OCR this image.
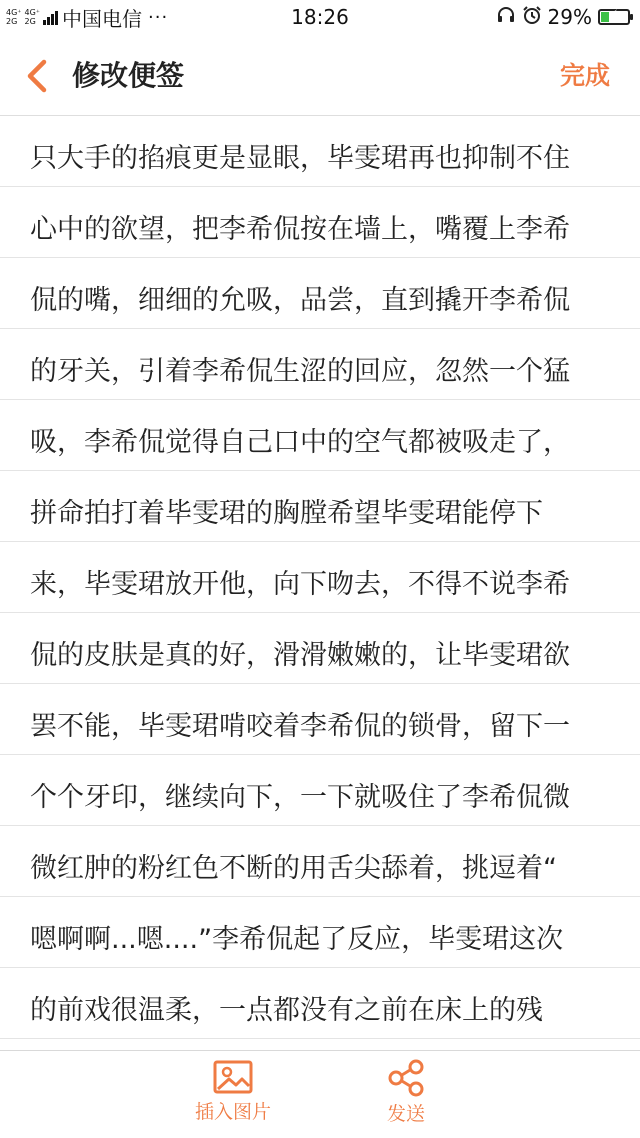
4G⁺
2G
4G⁺
2G 中国电信 ···	18:26	29% ⚡
修改便签	完成
只大手的掐痕更是显眼，毕雯珺再也抑制不住
心中的欲望，把李希侃按在墙上，嘴覆上李希
侃的嘴，细细的允吸，品尝，直到撬开李希侃
的牙关，引着李希侃生涩的回应，忽然一个猛
吸，李希侃觉得自己口中的空气都被吸走了，
拼命拍打着毕雯珺的胸膛希望毕雯珺能停下
来，毕雯珺放开他，向下吻去，不得不说李希
侃的皮肤是真的好，滑滑嫩嫩的，让毕雯珺欲
罢不能，毕雯珺啃咬着李希侃的锁骨，留下一
个个牙印，继续向下，一下就吸住了李希侃微
微红肿的粉红色不断的用舌尖舔着，挑逗着“
嗯啊啊...嗯....”李希侃起了反应，毕雯珺这次
的前戏很温柔，一点都没有之前在床上的残
插入图片	发送
